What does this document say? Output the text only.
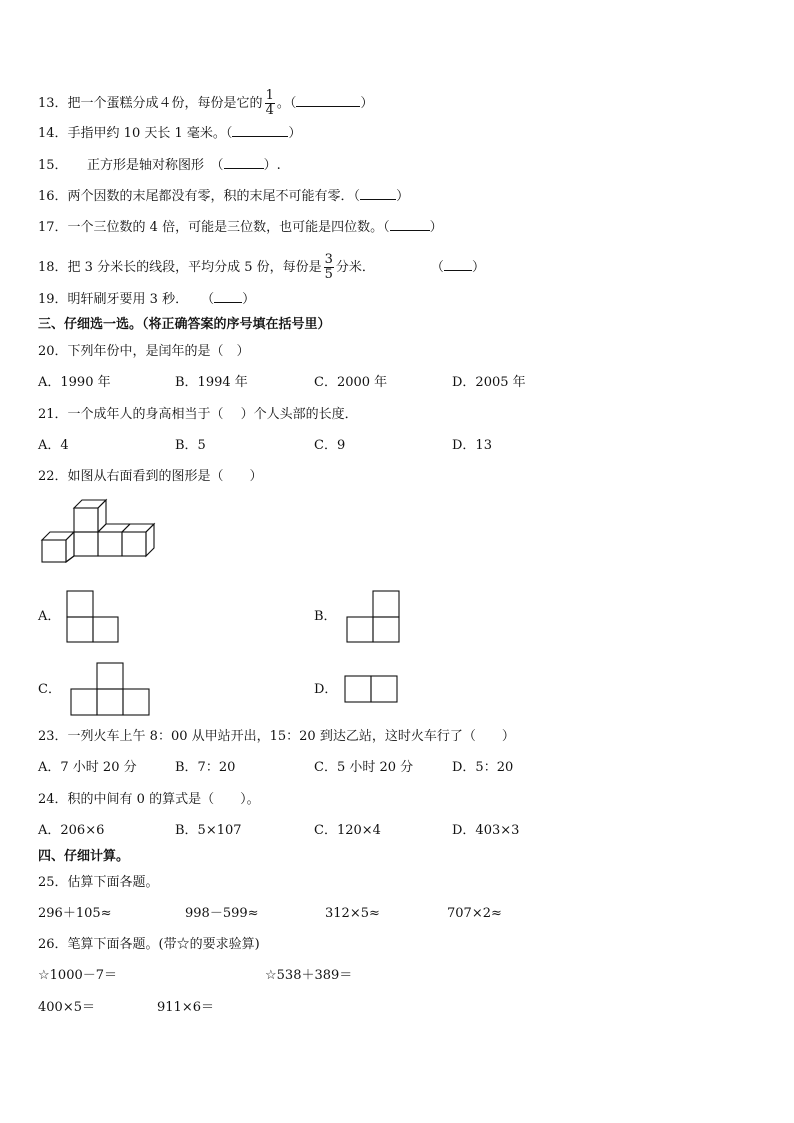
13．把一个蛋糕分成４份，每份是它的 $\frac{1}{4}$ 。（	）
14．手指甲约 10 天长 1 毫米。（	）
15．　　正方形是轴对称图形　（	）.
16．两个因数的末尾都没有零，积的末尾不可能有零．（	）
17．一个三位数的 4 倍，可能是三位数，也可能是四位数。（	）
18．把 3 分米长的线段，平均分成 5 份，每份是 $\frac{3}{5}$ 分米．	（ ）
19．明轩刷牙要用 3 秒．　　（ ）
三、仔细选一选。（将正确答案的序号填在括号里）
20．下列年份中，是闰年的是（　）
A．1990 年	B．1994 年	C．2000 年	D．2005 年
21．一个成年人的身高相当于（　 ）个人头部的长度．
A．4	B．5	C．9	D．13
22．如图从右面看到的图形是（　　）
A．	B．
C．	D．
23．一列火车上午 8：00 从甲站开出，15：20 到达乙站，这时火车行了（　　）
A．7 小时 20 分	B．7：20	C．5 小时 20 分	D．5：20
24．积的中间有 0 的算式是（　　）。
A．206×6	B．5×107	C．120×4	D．403×3
四、仔细计算。
25．估算下面各题。
296＋105≈	998－599≈	312×5≈	707×2≈
26．笔算下面各题。(带☆的要求验算)
☆1000－7＝	☆538＋389＝
400×5＝	911×6＝
